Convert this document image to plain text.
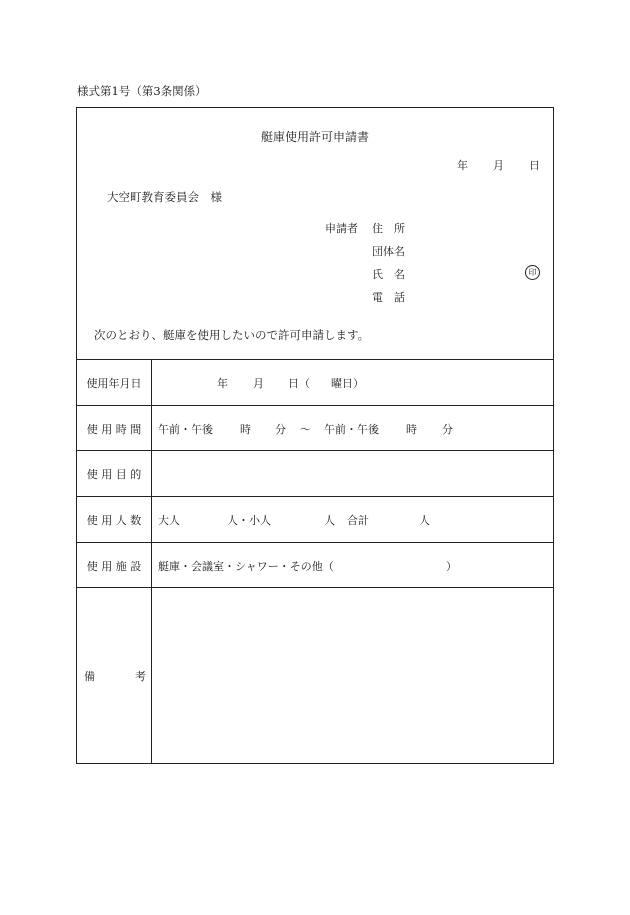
様式第1号（第3条関係）
艇庫使用許可申請書
年 月 日
大空町教育委員会　様
申請者 住　所
団体名
氏　名	印
電　話
次のとおり、艇庫を使用したいので許可申請します。
使用年月日	年 月 日（ 曜日）
使 用 時 間	午前・午後 時 分 ～ 午前・午後 時 分
使 用 目 的
使 用 人 数	大人	人・小人	人 合計	人
使 用 施 設	艇庫・会議室・シャワー・その他（	）
備	考
